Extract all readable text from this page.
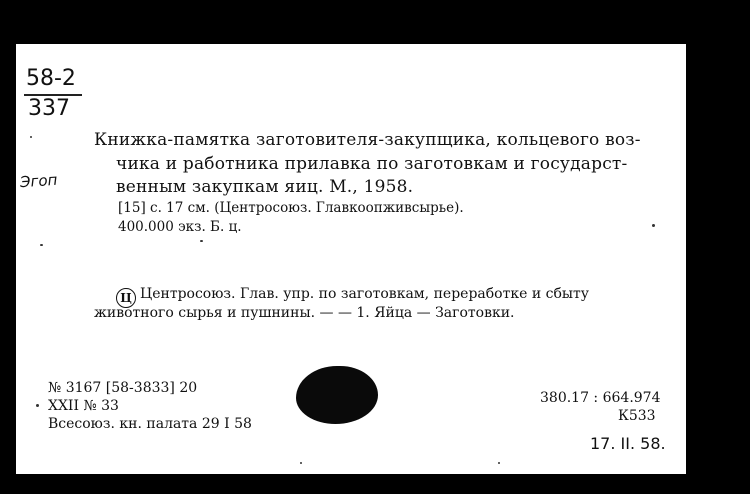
58-2
337
Эгоп
Книжка-памятка заготовителя-закупщика, кольцевого воз-
чика и работника прилавка по заготовкам и государст-
венным закупкам яиц. М., 1958.
[15] с. 17 см. (Центросоюз. Главкоопживсырье).
400.000 экз. Б. ц.
Ц Центросоюз. Глав. упр. по заготовкам, переработке и сбыту
животного сырья и пушнины. — — 1. Яйца — Заготовки.
№ 3167 [58-3833] 20
XXII № 33
Всесоюз. кн. палата 29 I 58
380.17 : 664.974
К533
17. II. 58.
